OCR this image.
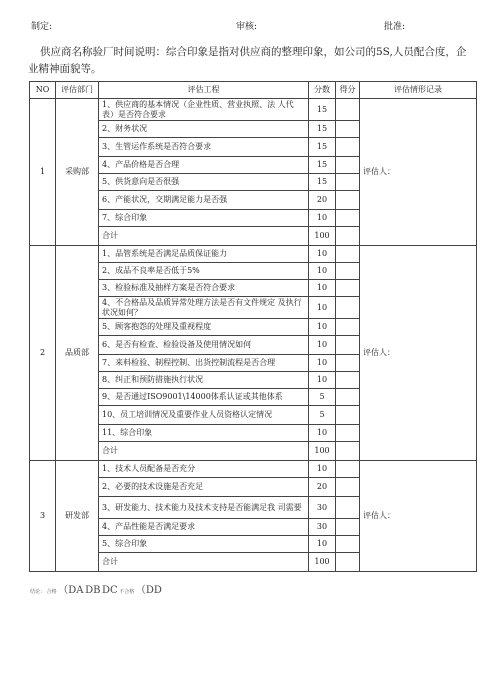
制定:	审核:	批准:
供应商名称验厂时间说明：综合印象是指对供应商的整理印象，如公司的5S,人员配合度，企业精神面貌等。
NO	评估部门	评估工程	分数	得分	评估情形记录
1	采购部	1、供应商的基本情况（企业性质、营业执照、法 人代表）是否符合要求	15		评估人：
		2、财务状况	15		
		3、生管运作系统是否符合要求	15		
		4、产品价格是否合理	15		
		5、供货意向是否很强	15		
		6、产能状况，交期满足能力是否强	20		
		7、综合印象	10		
		合计	100		
2	品质部	1、品管系统是否满足品质保证能力	10		评估人：
		2、成品不良率是否低于5%	10		
		3、检验标准及抽样方案是否符合要求	10		
		4、不合格品及品质异常处理方法是否有文件规定 及执行状况如何？	10		
		5、顾客抱怨的处理及重视程度	10		
		6、是否有检查、检验设备及使用情况如何	10		
		7、来料检验、制程控制、出货控制流程是否合理	10		
		8、纠正和预防措施执行状况	10		
		9、是否通过ISO9001\14000体系认证或其他体系	5		
		10、员工培训情况及重要作业人员资格认定情况	5		
		11、综合印象	10		
		合计	100		
3	研发部	1、技术人员配备是否充分	10		评估人：
		2、必要的技术设施是否充足	20		
		3、研发能力、技术能力及技术支持是否能满足我 司需要	30		
		4、产品性能是否满足要求	30		
		5、综合印象	10		
		合计	100		
结论： 合格 （DA DB DC 不合格 （DD
